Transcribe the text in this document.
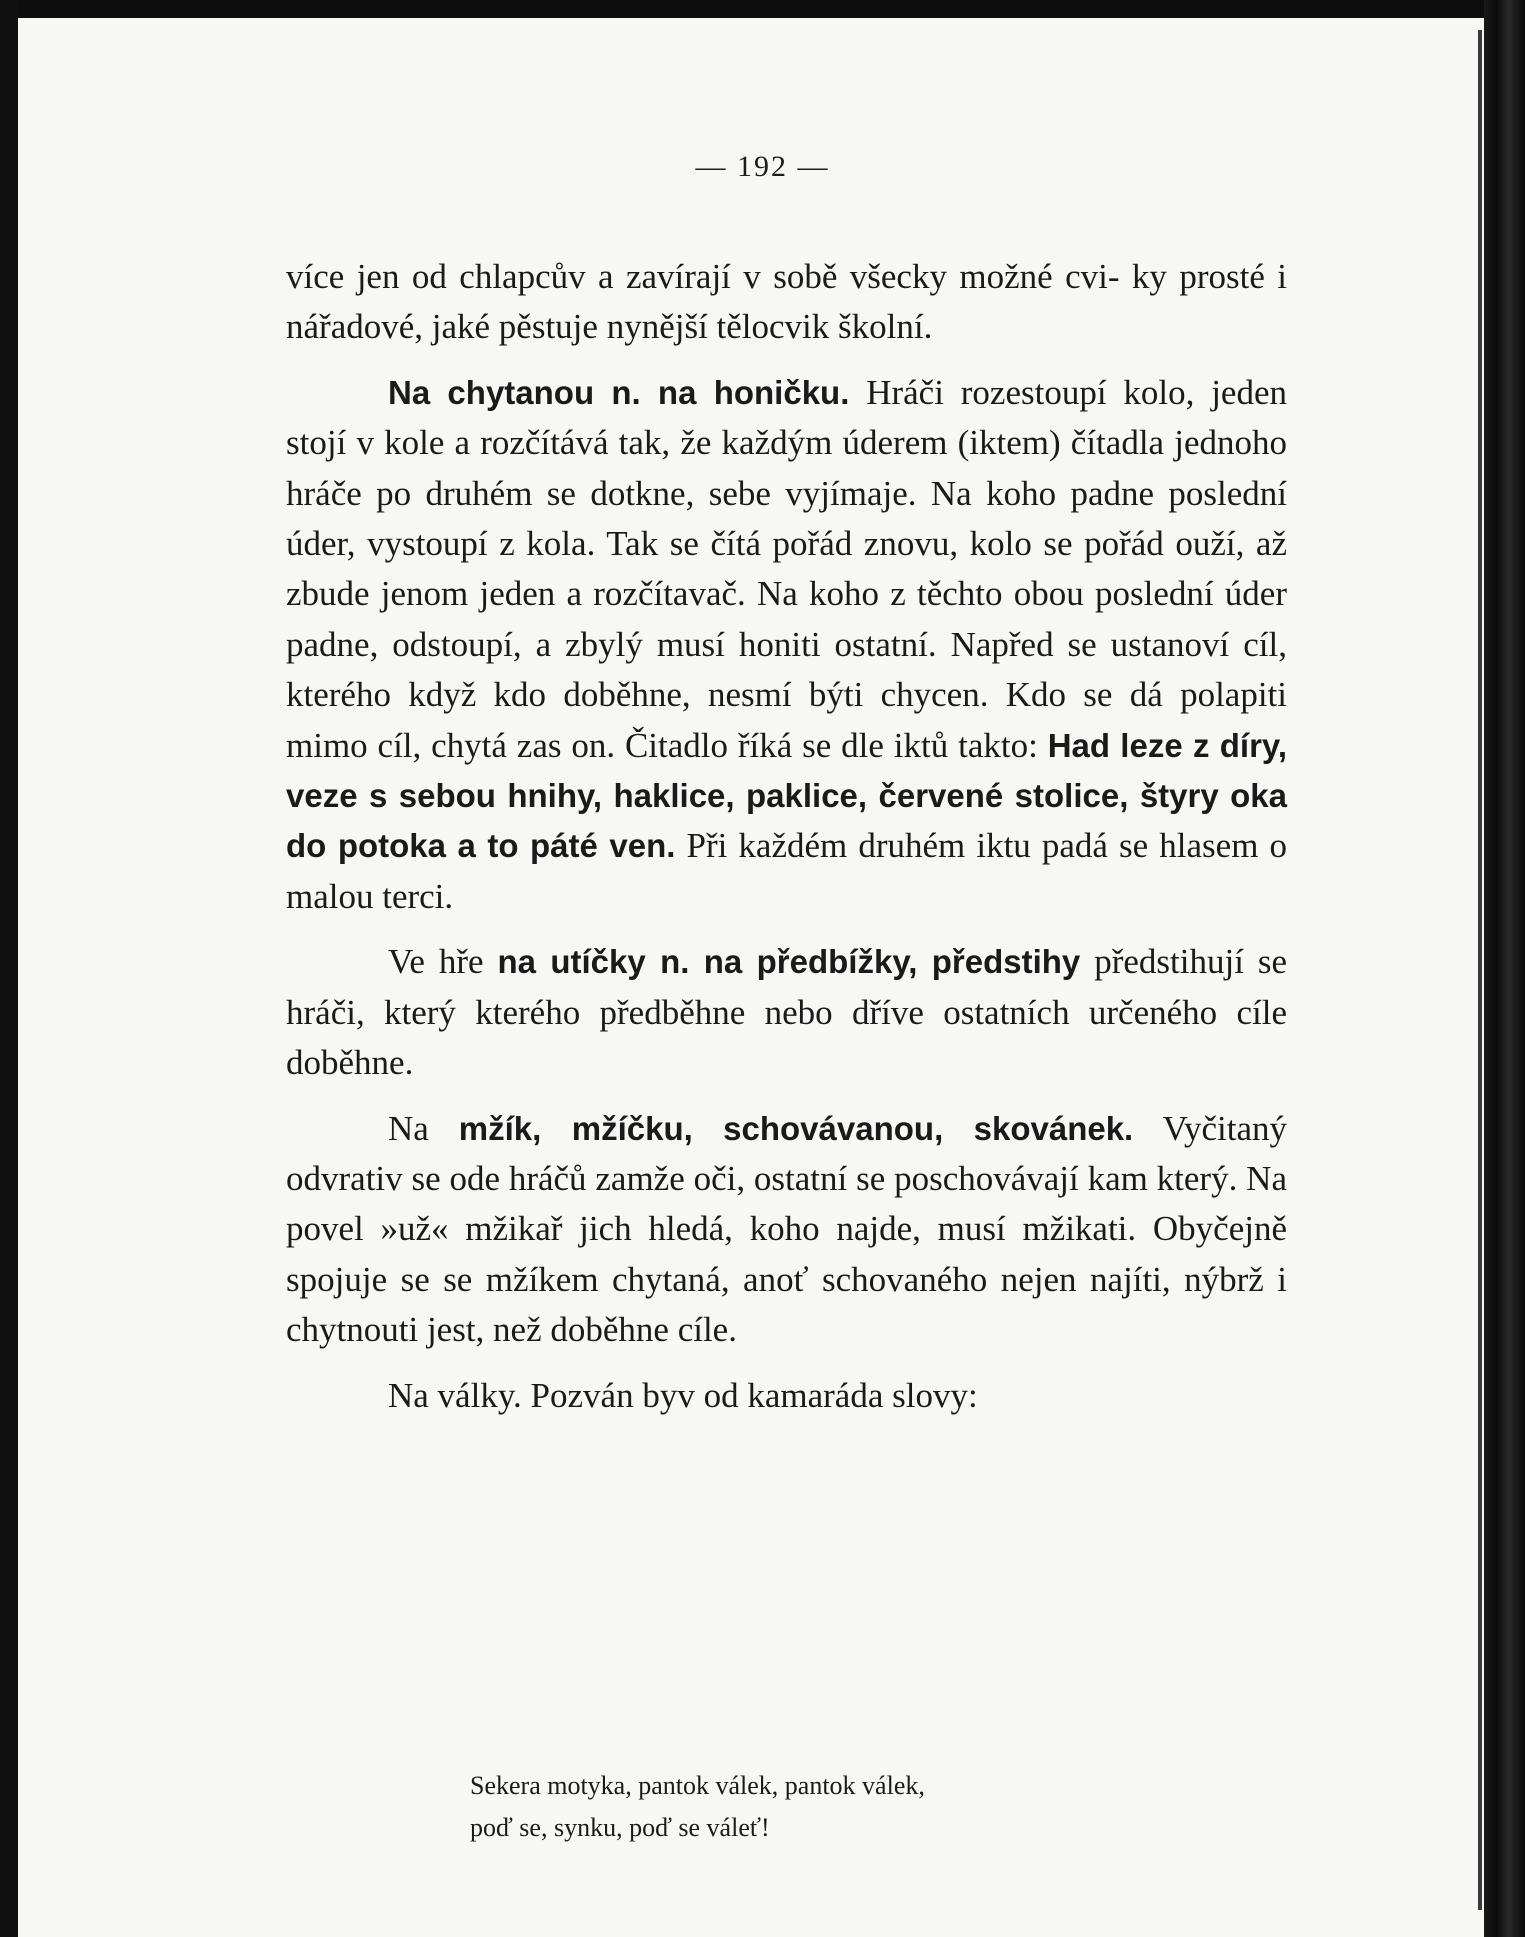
— 192 —

více jen od chlapcův a zavírají v sobě všecky možné cvi- ky prosté i nářadové, jaké pěstuje nynější tělocvik školní.

Na chytanou n. na honičku. Hráči rozestoupí kolo, jeden stojí v kole a rozčítává tak, že každým úderem (iktem) čítadla jednoho hráče po druhém se dotkne, sebe vyjímaje. Na koho padne poslední úder, vystoupí z kola. Tak se čítá pořád znovu, kolo se pořád ouží, až zbude jenom jeden a rozčítavač. Na koho z těchto obou poslední úder padne, odstoupí, a zbylý musí honiti ostatní. Napřed se ustanoví cíl, kterého když kdo doběhne, nesmí býti chycen. Kdo se dá polapiti mimo cíl, chytá zas on. Čitadlo říká se dle iktů takto: Had leze z díry, veze s sebou hnihy, haklice, paklice, červené stolice, štyry oka do potoka a to páté ven. Při každém druhém iktu padá se hlasem o malou terci.

Ve hře na utíčky n. na předbížky, předstihy předstihují se hráči, který kterého předběhne nebo dříve ostatních určeného cíle doběhne.

Na mžík, mžíčku, schovávanou, skovánek. Vyčitaný odvrativ se ode hráčů zamže oči, ostatní se poschovávají kam který. Na povel »už« mžikař jich hledá, koho najde, musí mžikati. Obyčejně spojuje se se mžíkem chytaná, anoť schovaného nejen najíti, nýbrž i chytnouti jest, než doběhne cíle.

Na války. Pozván byv od kamaráda slovy:

Sekera motyka, pantok válek, pantok válek,
poď se, synku, poď se váleť!
